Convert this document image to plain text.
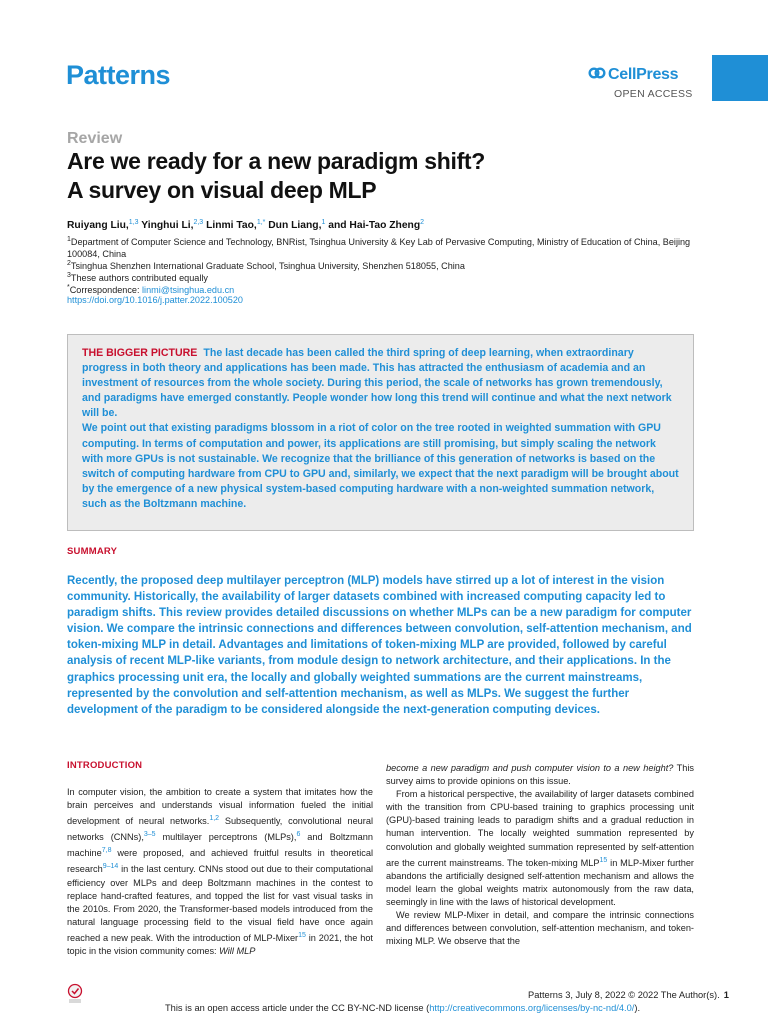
Patterns	CellPress
OPEN ACCESS
Review
Are we ready for a new paradigm shift?
A survey on visual deep MLP
Ruiyang Liu,$^{1,3}$ Yinghui Li,$^{2,3}$ Linmi Tao,$^{1,*}$ Dun Liang,$^1$ and Hai-Tao Zheng$^2$
$^1$Department of Computer Science and Technology, BNRist, Tsinghua University & Key Lab of Pervasive Computing, Ministry of Education of China, Beijing 100084, China
$^2$Tsinghua Shenzhen International Graduate School, Tsinghua University, Shenzhen 518055, China
$^3$These authors contributed equally
*Correspondence: linmi@tsinghua.edu.cn
https://doi.org/10.1016/j.patter.2022.100520

THE BIGGER PICTURE The last decade has been called the third spring of deep learning, when extraordinary progress in both theory and applications has been made. This has attracted the enthusiasm of academia and an investment of resources from the whole society. During this period, the scale of networks has grown tremendously, and paradigms have emerged constantly. People wonder how long this trend will continue and what the next network will be.

We point out that existing paradigms blossom in a riot of color on the tree rooted in weighted summation with GPU computing. In terms of computation and power, its applications are still promising, but simply scaling the network with more GPUs is not sustainable. We recognize that the brilliance of this generation of networks is based on the switch of computing hardware from CPU to GPU and, similarly, we expect that the next paradigm will be brought about by the emergence of a new physical system-based computing hardware with a non-weighted summation network, such as the Boltzmann machine.

SUMMARY
Recently, the proposed deep multilayer perceptron (MLP) models have stirred up a lot of interest in the vision community. Historically, the availability of larger datasets combined with increased computing capacity led to paradigm shifts. This review provides detailed discussions on whether MLPs can be a new paradigm for computer vision. We compare the intrinsic connections and differences between convolution, self-attention mechanism, and token-mixing MLP in detail. Advantages and limitations of token-mixing MLP are provided, followed by careful analysis of recent MLP-like variants, from module design to network architecture, and their applications. In the graphics processing unit era, the locally and globally weighted summations are the current mainstreams, represented by the convolution and self-attention mechanism, as well as MLPs. We suggest the further development of the paradigm to be considered alongside the next-generation computing devices.
INTRODUCTION
In computer vision, the ambition to create a system that imitates how the brain perceives and understands visual information fueled the initial development of neural networks.$^{1,2}$ Subsequently, convolutional neural networks (CNNs),$^{3-5}$ multilayer perceptrons (MLPs),$^6$ and Boltzmann machine$^{7,8}$ were proposed, and achieved fruitful results in theoretical research$^{9-14}$ in the last century. CNNs stood out due to their computational efficiency over MLPs and deep Boltzmann machines in the contest to replace hand-crafted features, and topped the list for vast visual tasks in the 2010s. From 2020, the Transformer-based models introduced from the natural language processing field to the visual field have once again reached a new peak. With the introduction of MLP-Mixer$^{15}$ in 2021, the hot topic in the vision community comes: Will MLP

become a new paradigm and push computer vision to a new height? This survey aims to provide opinions on this issue.

From a historical perspective, the availability of larger datasets combined with the transition from CPU-based training to graphics processing unit (GPU)-based training leads to paradigm shifts and a gradual reduction in human intervention. The locally weighted summation represented by convolution and globally weighted summation represented by self-attention are the current mainstreams. The token-mixing MLP$^{15}$ in MLP-Mixer further abandons the artificially designed self-attention mechanism and allows the model learn the global weights matrix autonomously from the raw data, seemingly in line with the laws of historical development.

We review MLP-Mixer in detail, and compare the intrinsic connections and differences between convolution, self-attention mechanism, and token-mixing MLP. We observe that the

Patterns 3, July 8, 2022 © 2022 The Author(s). 1
This is an open access article under the CC BY-NC-ND license (http://creativecommons.org/licenses/by-nc-nd/4.0/).
